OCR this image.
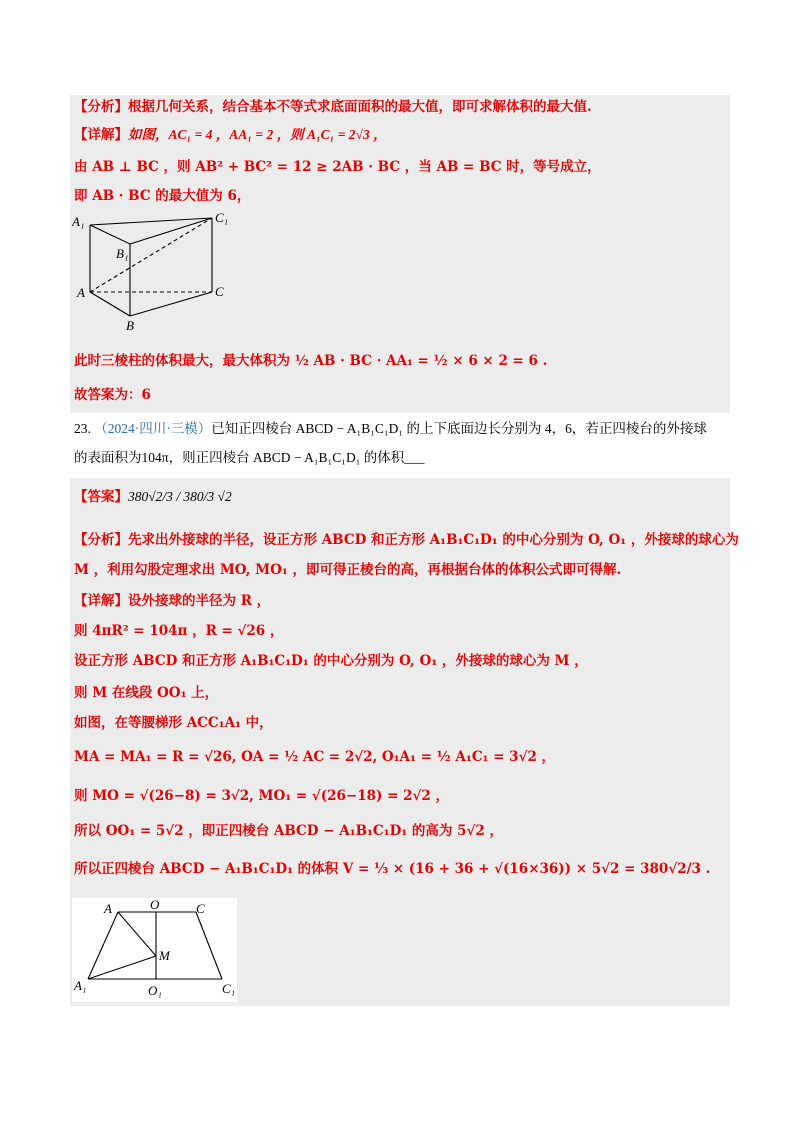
【分析】根据几何关系，结合基本不等式求底面面积的最大值，即可求解体积的最大值.
【详解】如图，AC₁ = 4 ，AA₁ = 2 ，则 A₁C₁ = 2√3 ，
由 AB ⊥ BC ，则 AB² + BC² = 12 ≥ 2AB · BC ，当 AB = BC 时，等号成立，
即 AB · BC 的最大值为 6，
A₁	C₁
B₁
A	C
B
此时三棱柱的体积最大，最大体积为 ½ AB · BC · AA₁ = ½ × 6 × 2 = 6 .
故答案为：6
23. （2024·四川·三模）已知正四棱台 ABCD − A₁B₁C₁D₁ 的上下底面边长分别为 4，6，若正四棱台的外接球
的表面积为104π，则正四棱台 ABCD − A₁B₁C₁D₁ 的体积___
【答案】380√2/3 / 380/3 √2
【分析】先求出外接球的半径，设正方形 ABCD 和正方形 A₁B₁C₁D₁ 的中心分别为 O, O₁ ，外接球的球心为
M ，利用勾股定理求出 MO, MO₁ ，即可得正棱台的高，再根据台体的体积公式即可得解.
【详解】设外接球的半径为 R ，
则 4πR² = 104π ，R = √26 ，
设正方形 ABCD 和正方形 A₁B₁C₁D₁ 的中心分别为 O, O₁ ，外接球的球心为 M ，
则 M 在线段 OO₁ 上，
如图，在等腰梯形 ACC₁A₁ 中，
MA = MA₁ = R = √26, OA = ½ AC = 2√2, O₁A₁ = ½ A₁C₁ = 3√2 ，
则 MO = √(26−8) = 3√2, MO₁ = √(26−18) = 2√2 ，
所以 OO₁ = 5√2 ，即正四棱台 ABCD − A₁B₁C₁D₁ 的高为 5√2 ，
所以正四棱台 ABCD − A₁B₁C₁D₁ 的体积 V = ⅓ × (16 + 36 + √(16×36)) × 5√2 = 380√2/3 .
A	O	C
M
A₁	O₁	C₁
